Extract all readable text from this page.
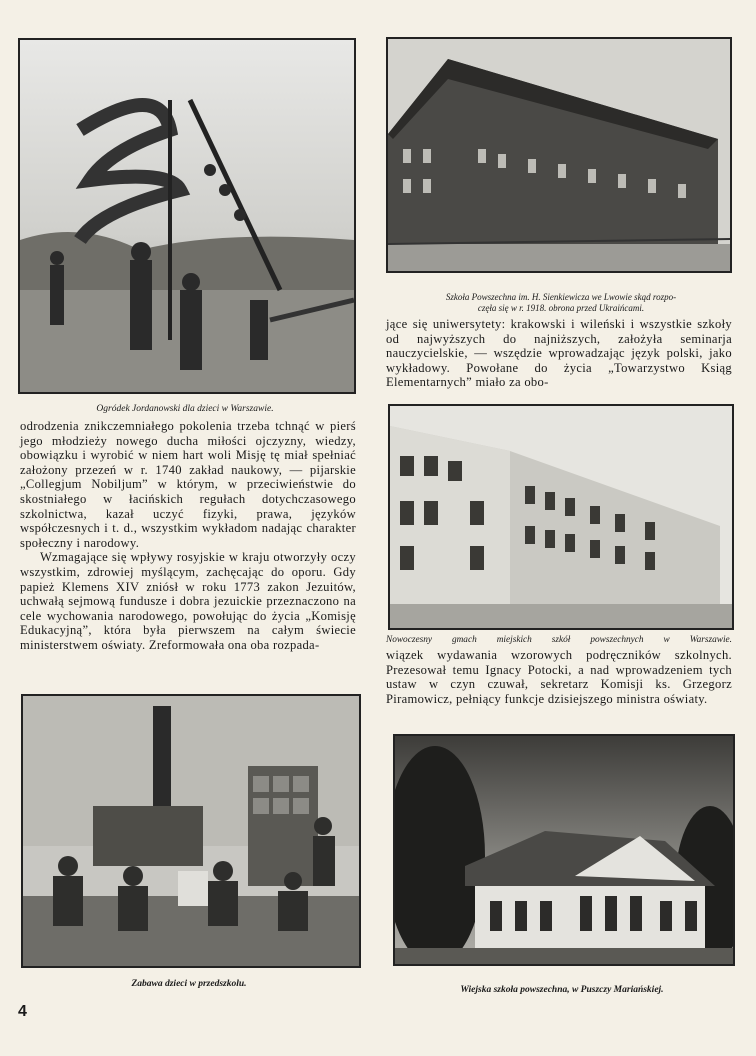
Ogródek Jordanowski dla dzieci w Warszawie.
Szkoła Powszechna im. H. Sienkiewicza we Lwowie skąd rozpo-
częła się w r. 1918. obrona przed Ukraińcami.
Nowoczesny gmach miejskich szkół powszechnych w Warszawie.
Zabawa dzieci w przedszkolu.
Wiejska szkoła powszechna, w Puszczy Mariańskiej.

odrodzenia znikczemniałego pokolenia trzeba tchnąć w pierś jego młodzieży nowego ducha miłości ojczyzny, wiedzy, obowiązku i wyrobić w niem hart woli Misję tę miał spełniać założony przezeń w r. 1740 zakład naukowy, — pijarskie „Collegjum Nobiljum” w którym, w przeciwieństwie do skostniałego w łacińskich regułach dotychczasowego szkolnictwa, kazał uczyć fizyki, prawa, języków współczesnych i t. d., wszystkim wykładom nadając charakter społeczny i narodowy.

Wzmagające się wpływy rosyjskie w kraju otworzyły oczy wszystkim, zdrowiej myślącym, zachęcając do oporu. Gdy papież Klemens XIV zniósł w roku 1773 zakon Jezuitów, uchwałą sejmową fundusze i dobra jezuickie przeznaczono na cele wychowania narodowego, powołując do życia „Komisję Edukacyjną”, która była pierwszem na całym świecie ministerstwem oświaty. Zreformowała ona oba rozpada-

jące się uniwersytety: krakowski i wileński i wszystkie szkoły od najwyższych do najniższych, założyła seminarja nauczycielskie, — wszędzie wprowadzając język polski, jako wykładowy. Powołane do życia „Towarzystwo Ksiąg Elementarnych” miało za obo-

wiązek wydawania wzorowych podręczników szkolnych. Prezesował temu Ignacy Potocki, a nad wprowadzeniem tych ustaw w czyn czuwał, sekretarz Komisji ks. Grzegorz Piramowicz, pełniący funkcje dzisiejszego ministra oświaty.

4
